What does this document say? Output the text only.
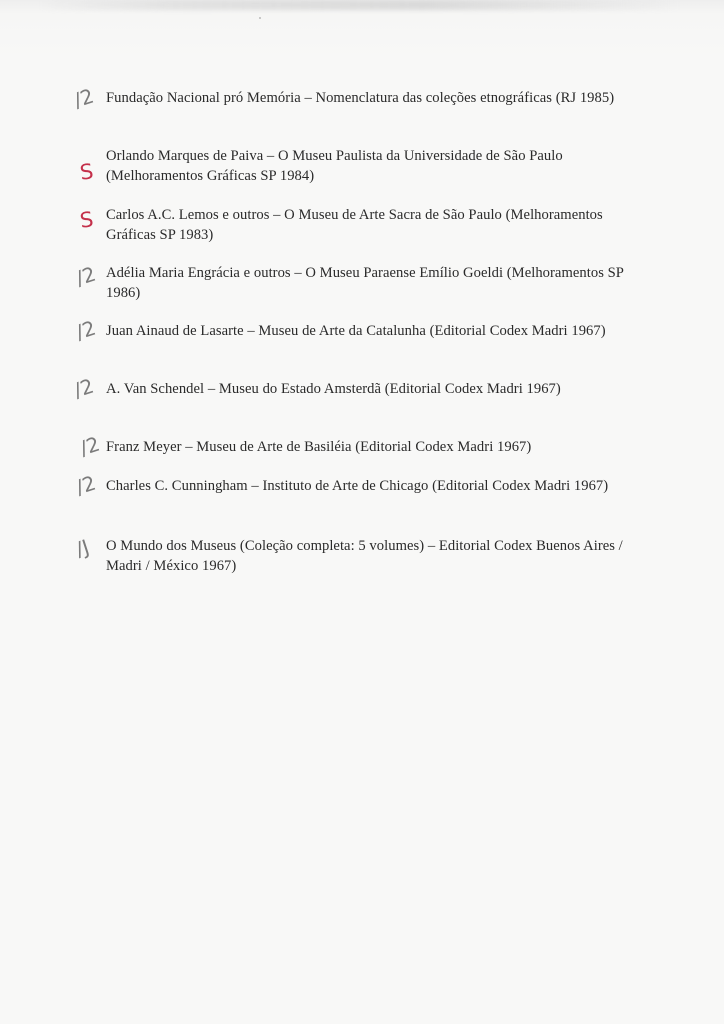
/2 Fundação Nacional pró Memória – Nomenclatura das coleções etnográficas (RJ 1985)
S
Orlando Marques de Paiva – O Museu Paulista da Universidade de São Paulo (Melhoramentos Gráficas SP 1984)
S Carlos A.C. Lemos e outros – O Museu de Arte Sacra de São Paulo (Melhoramentos Gráficas SP 1983)
/2 Adélia Maria Engrácia e outros – O Museu Paraense Emílio Goeldi (Melhoramentos SP 1986)
/2 Juan Ainaud de Lasarte – Museu de Arte da Catalunha (Editorial Codex Madri 1967)
/2 A. Van Schendel – Museu do Estado Amsterdã (Editorial Codex Madri 1967)
/2 Franz Meyer – Museu de Arte de Basiléia (Editorial Codex Madri 1967)
/2 Charles C. Cunningham – Instituto de Arte de Chicago (Editorial Codex Madri 1967)
/J O Mundo dos Museus (Coleção completa: 5 volumes) – Editorial Codex Buenos Aires / Madri / México 1967)
